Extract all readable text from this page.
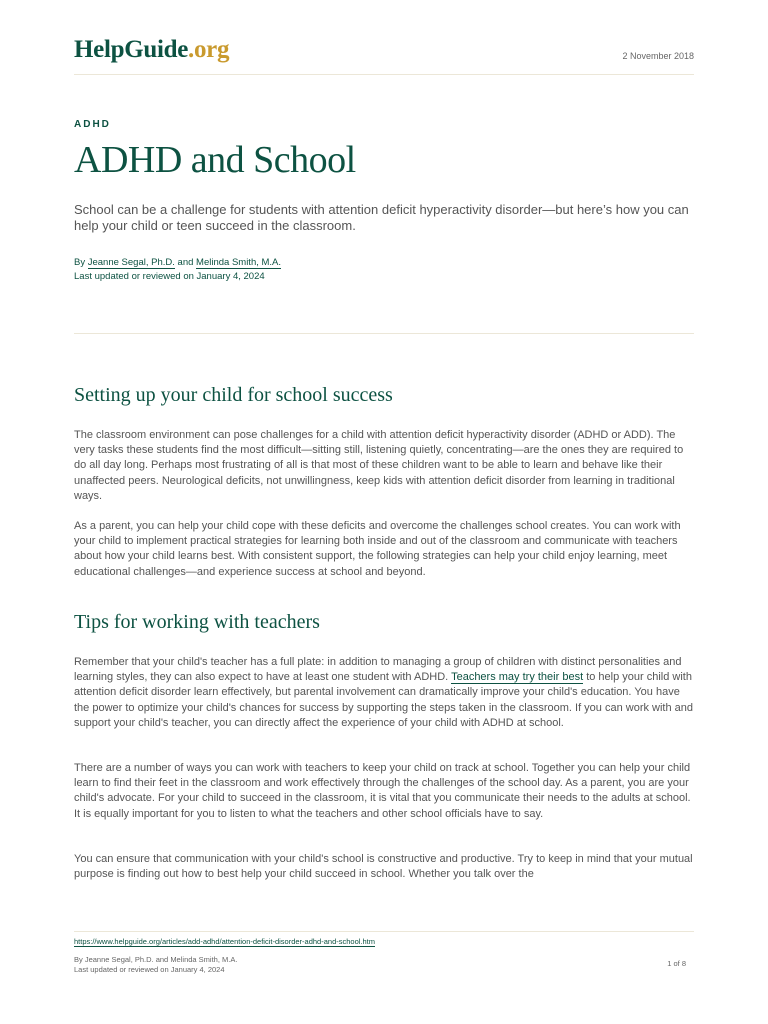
HelpGuide.org	2 November 2018
ADHD
ADHD and School

School can be a challenge for students with attention deficit hyperactivity disorder—but here’s how you can help your child or teen succeed in the classroom.

By Jeanne Segal, Ph.D. and Melinda Smith, M.A.
Last updated or reviewed on January 4, 2024
Setting up your child for school success

The classroom environment can pose challenges for a child with attention deficit hyperactivity disorder (ADHD or ADD). The very tasks these students find the most difficult—sitting still, listening quietly, concentrating—are the ones they are required to do all day long. Perhaps most frustrating of all is that most of these children want to be able to learn and behave like their unaffected peers. Neurological deficits, not unwillingness, keep kids with attention deficit disorder from learning in traditional ways.

As a parent, you can help your child cope with these deficits and overcome the challenges school creates. You can work with your child to implement practical strategies for learning both inside and out of the classroom and communicate with teachers about how your child learns best. With consistent support, the following strategies can help your child enjoy learning, meet educational challenges—and experience success at school and beyond.

Tips for working with teachers

Remember that your child's teacher has a full plate: in addition to managing a group of children with distinct personalities and learning styles, they can also expect to have at least one student with ADHD. Teachers may try their best to help your child with attention deficit disorder learn effectively, but parental involvement can dramatically improve your child's education. You have the power to optimize your child's chances for success by supporting the steps taken in the classroom. If you can work with and support your child's teacher, you can directly affect the experience of your child with ADHD at school.

There are a number of ways you can work with teachers to keep your child on track at school. Together you can help your child learn to find their feet in the classroom and work effectively through the challenges of the school day. As a parent, you are your child's advocate. For your child to succeed in the classroom, it is vital that you communicate their needs to the adults at school. It is equally important for you to listen to what the teachers and other school officials have to say.

You can ensure that communication with your child's school is constructive and productive. Try to keep in mind that your mutual purpose is finding out how to best help your child succeed in school. Whether you talk over the

https://www.helpguide.org/articles/add-adhd/attention-deficit-disorder-adhd-and-school.htm
By Jeanne Segal, Ph.D. and Melinda Smith, M.A.
Last updated or reviewed on January 4, 2024
1 of 8
